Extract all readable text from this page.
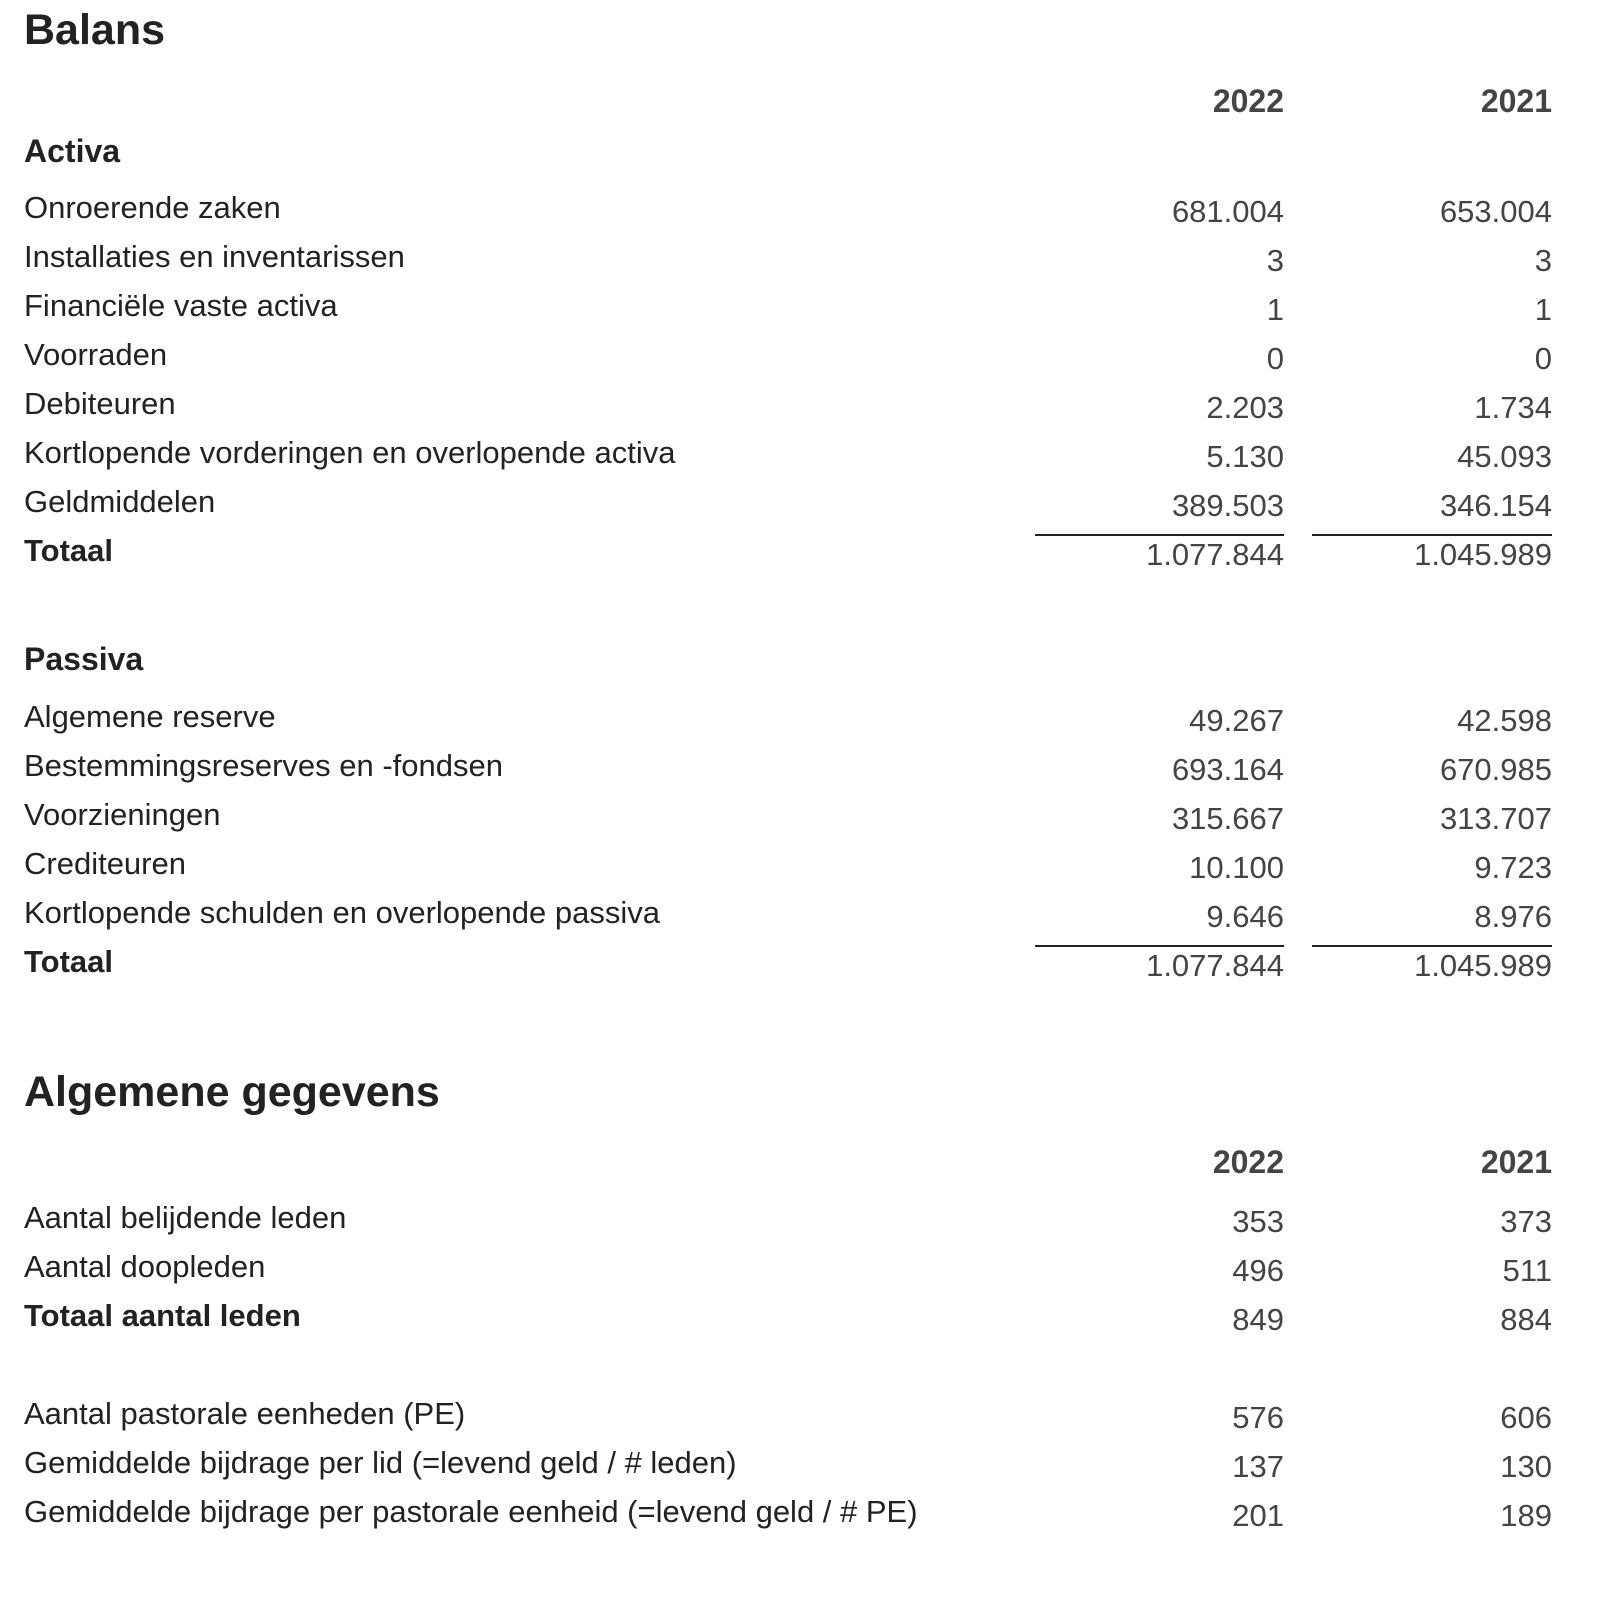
Balans
2022	2021
Activa
Onroerende zaken	681.004	653.004
Installaties en inventarissen	3	3
Financiële vaste activa	1	1
Voorraden	0	0
Debiteuren	2.203	1.734
Kortlopende vorderingen en overlopende activa	5.130	45.093
Geldmiddelen	389.503	346.154
Totaal	1.077.844	1.045.989
Passiva
Algemene reserve	49.267	42.598
Bestemmingsreserves en -fondsen	693.164	670.985
Voorzieningen	315.667	313.707
Crediteuren	10.100	9.723
Kortlopende schulden en overlopende passiva	9.646	8.976
Totaal	1.077.844	1.045.989
Algemene gegevens
2022	2021
Aantal belijdende leden	353	373
Aantal doopleden	496	511
Totaal aantal leden	849	884
Aantal pastorale eenheden (PE)	576	606
Gemiddelde bijdrage per lid (=levend geld / # leden)	137	130
Gemiddelde bijdrage per pastorale eenheid (=levend geld / # PE)	201	189
